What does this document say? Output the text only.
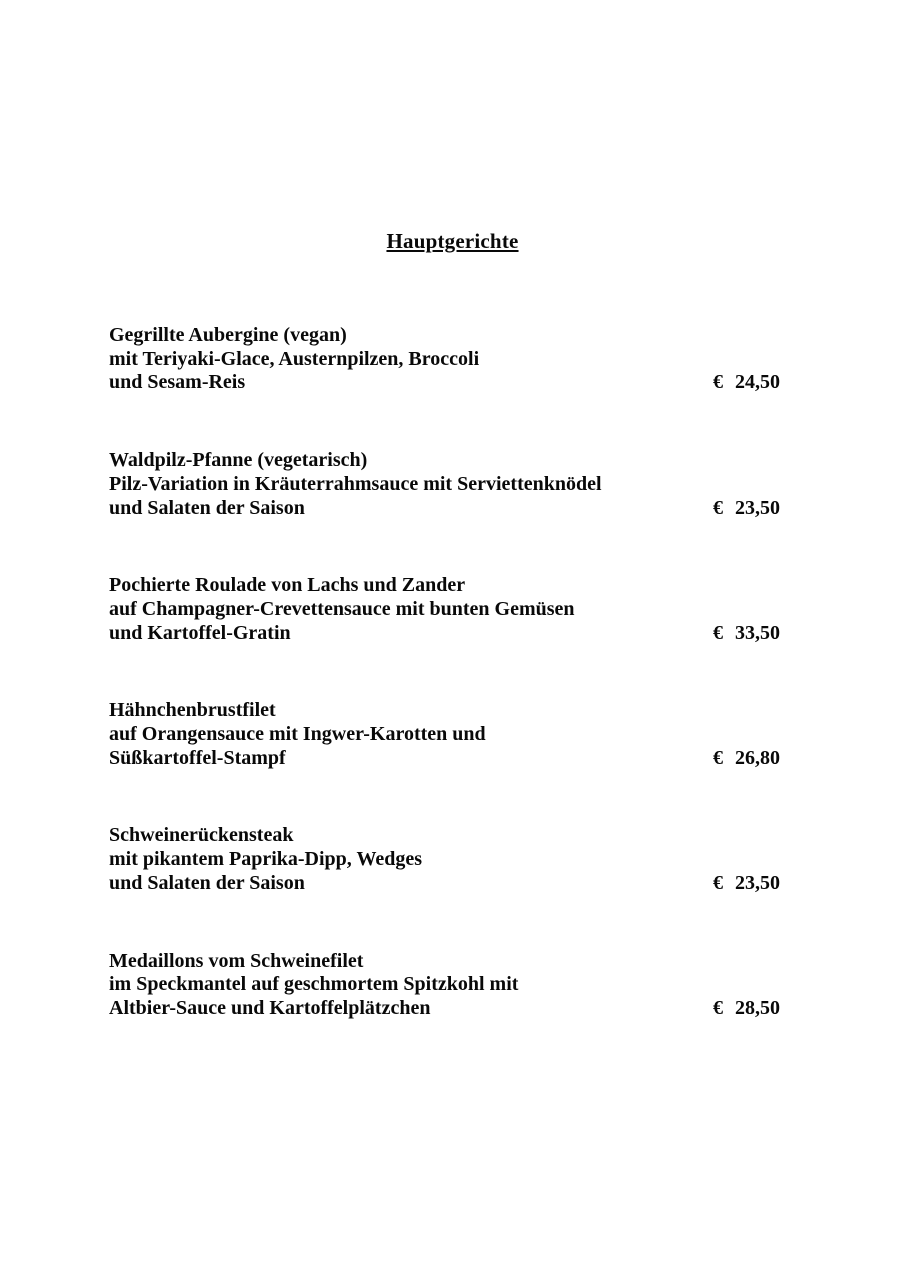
Hauptgerichte
Gegrillte Aubergine (vegan)
mit Teriyaki-Glace, Austernpilzen, Broccoli
und Sesam-Reis	€ 24,50
Waldpilz-Pfanne (vegetarisch)
Pilz-Variation in Kräuterrahmsauce mit Serviettenknödel
und Salaten der Saison	€ 23,50
Pochierte Roulade von Lachs und Zander
auf Champagner-Crevettensauce mit bunten Gemüsen
und Kartoffel-Gratin	€ 33,50
Hähnchenbrustfilet
auf Orangensauce mit Ingwer-Karotten und
Süßkartoffel-Stampf	€ 26,80
Schweinerückensteak
mit pikantem Paprika-Dipp, Wedges
und Salaten der Saison	€ 23,50
Medaillons vom Schweinefilet
im Speckmantel auf geschmortem Spitzkohl mit
Altbier-Sauce und Kartoffelplätzchen	€ 28,50
